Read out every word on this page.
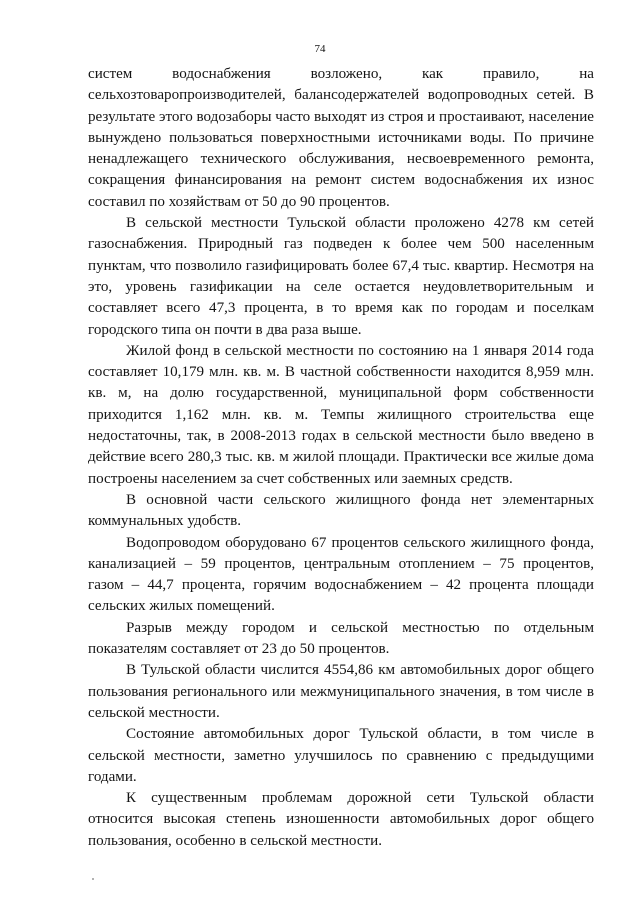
74

систем водоснабжения возложено, как правило, на сельхозтоваропроизводителей, балансодержателей водопроводных сетей. В результате этого водозаборы часто выходят из строя и простаивают, население вынуждено пользоваться поверхностными источниками воды. По причине ненадлежащего технического обслуживания, несвоевременного ремонта, сокращения финансирования на ремонт систем водоснабжения их износ составил по хозяйствам от 50 до 90 процентов.

В сельской местности Тульской области проложено 4278 км сетей газоснабжения. Природный газ подведен к более чем 500 населенным пунктам, что позволило газифицировать более 67,4 тыс. квартир. Несмотря на это, уровень газификации на селе остается неудовлетворительным и составляет всего 47,3 процента, в то время как по городам и поселкам городского типа он почти в два раза выше.

Жилой фонд в сельской местности по состоянию на 1 января 2014 года составляет 10,179 млн. кв. м. В частной собственности находится 8,959 млн. кв. м, на долю государственной, муниципальной форм собственности приходится 1,162 млн. кв. м. Темпы жилищного строительства еще недостаточны, так, в 2008-2013 годах в сельской местности было введено в действие всего 280,3 тыс. кв. м жилой площади. Практически все жилые дома построены населением за счет собственных или заемных средств.

В основной части сельского жилищного фонда нет элементарных коммунальных удобств.

Водопроводом оборудовано 67 процентов сельского жилищного фонда, канализацией – 59 процентов, центральным отоплением – 75 процентов, газом – 44,7 процента, горячим водоснабжением – 42 процента площади сельских жилых помещений.

Разрыв между городом и сельской местностью по отдельным показателям составляет от 23 до 50 процентов.

В Тульской области числится 4554,86 км автомобильных дорог общего пользования регионального или межмуниципального значения, в том числе в сельской местности.

Состояние автомобильных дорог Тульской области, в том числе в сельской местности, заметно улучшилось по сравнению с предыдущими годами.

К существенным проблемам дорожной сети Тульской области относится высокая степень изношенности автомобильных дорог общего пользования, особенно в сельской местности.
